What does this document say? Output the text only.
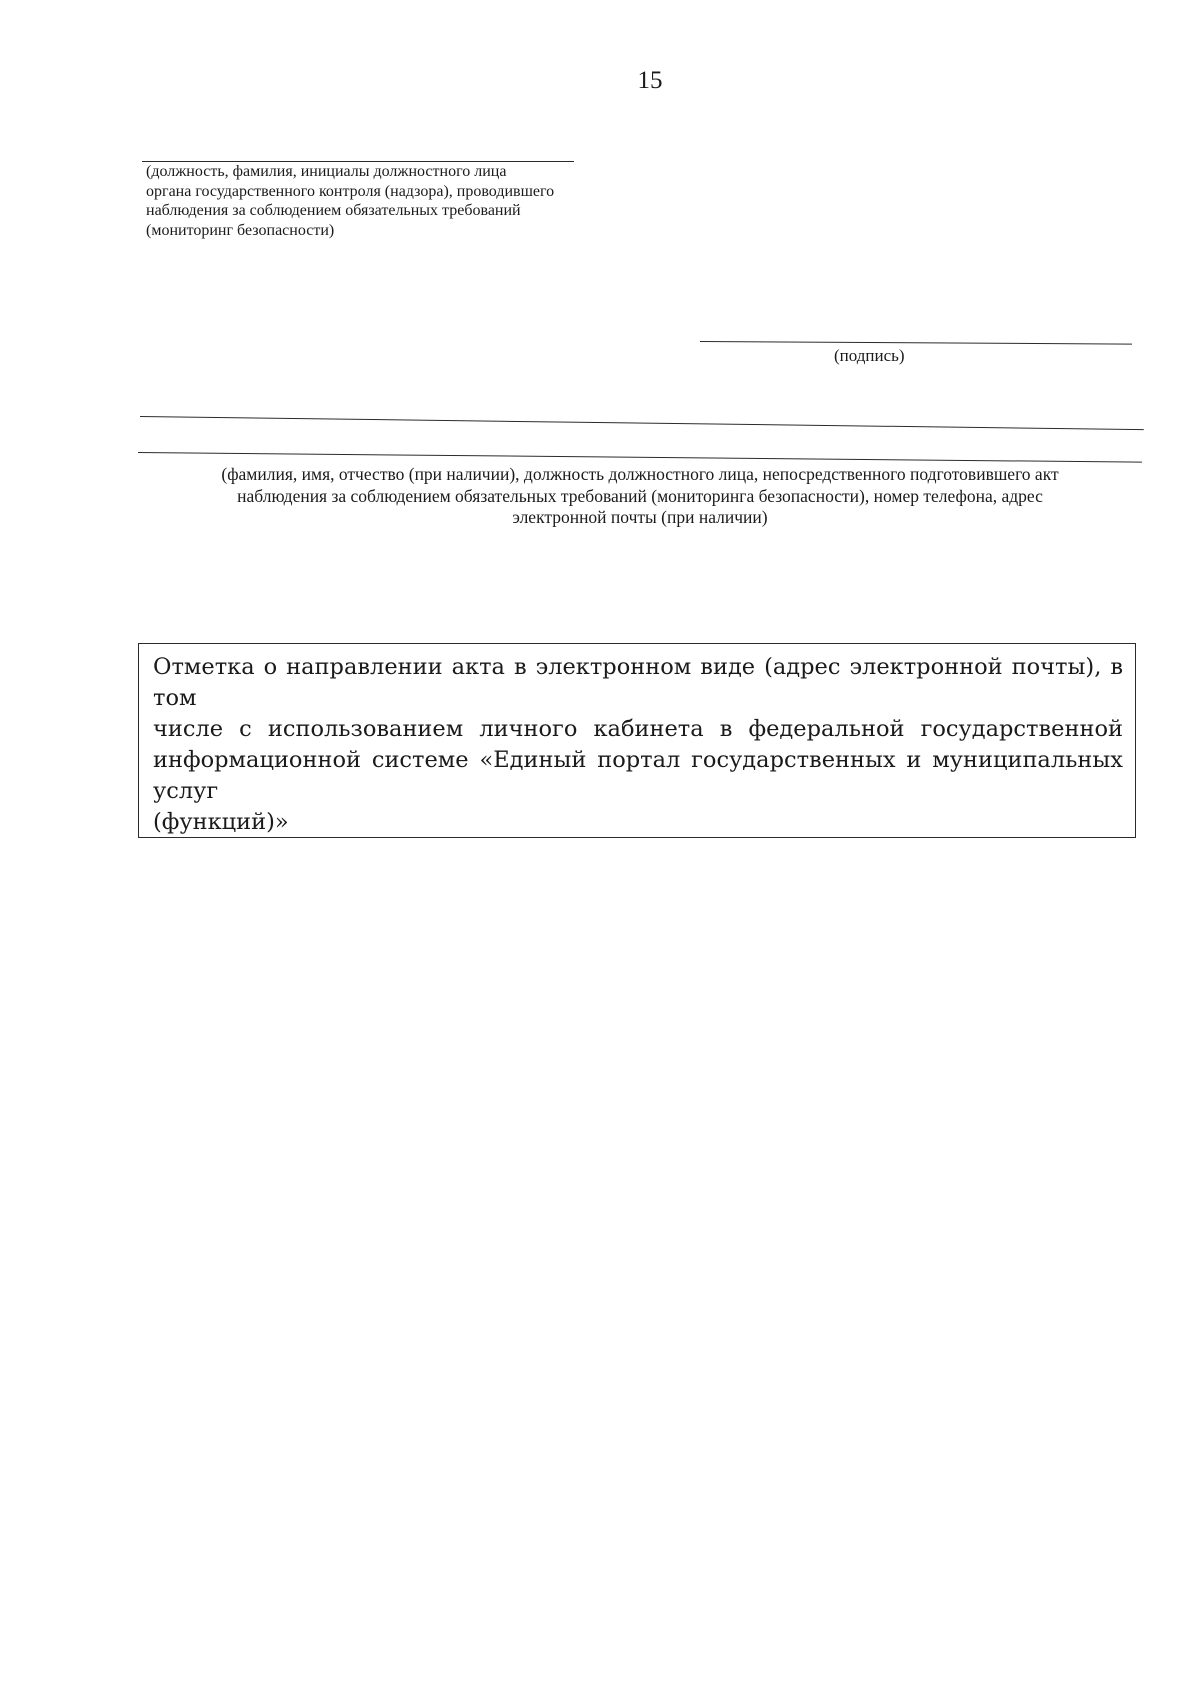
15
(должность, фамилия, инициалы должностного лица
органа государственного контроля (надзора), проводившего
наблюдения за соблюдением обязательных требований
(мониторинг безопасности)
(подпись)
(фамилия, имя, отчество (при наличии), должность должностного лица, непосредственного подготовившего акт
наблюдения за соблюдением обязательных требований (мониторинга безопасности), номер телефона, адрес
электронной почты (при наличии)
Отметка о направлении акта в электронном виде (адрес электронной почты), в том
числе с использованием личного кабинета в федеральной государственной
информационной системе «Единый портал государственных и муниципальных услуг
(функций)»
